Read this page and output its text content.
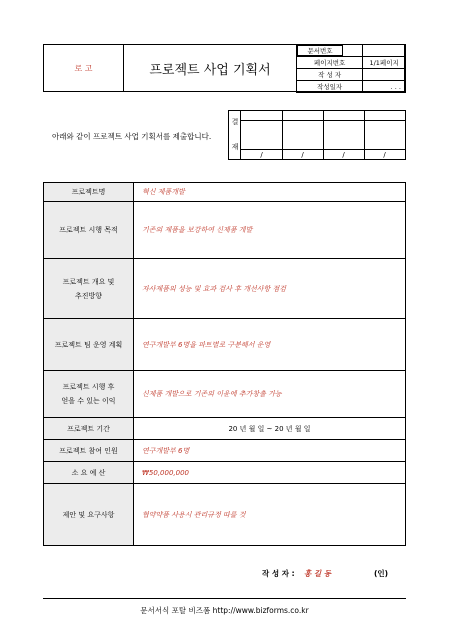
로 고	프로젝트 사업 기획서
문서번호

페이지번호	1/1페이지
작 성 자	
작성일자	. . .
아래와 같이 프로젝트 사업 기획서를 제출합니다.
결
재
/	/	/	/
프로젝트명	혁신 제품개발
프로젝트 시행 목적	기존의 제품을 보강하여 신제품 개발
프로젝트 개요 및
추진방향	자사제품의 성능 및 효과 검사 후 개선사항 점검
프로젝트 팀 운영 계획	연구개발부 6명을 파트별로 구분해서 운영
프로젝트 시행 후
얻을 수 있는 이익	신제품 개발으로 기존의 이윤에 추가창출 가능
프로젝트 기간	20 년 월 일 ~ 20 년 월 일
프로젝트 참여 인원	연구개발부 6명
소 요 예 산	₩50,000,000
제안 및 요구사항	협약약품 사용시 관리규정 따를 것
작 성 자 : 홍 길 동	(인)
문서서식 포탈 비즈폼 http://www.bizforms.co.kr
